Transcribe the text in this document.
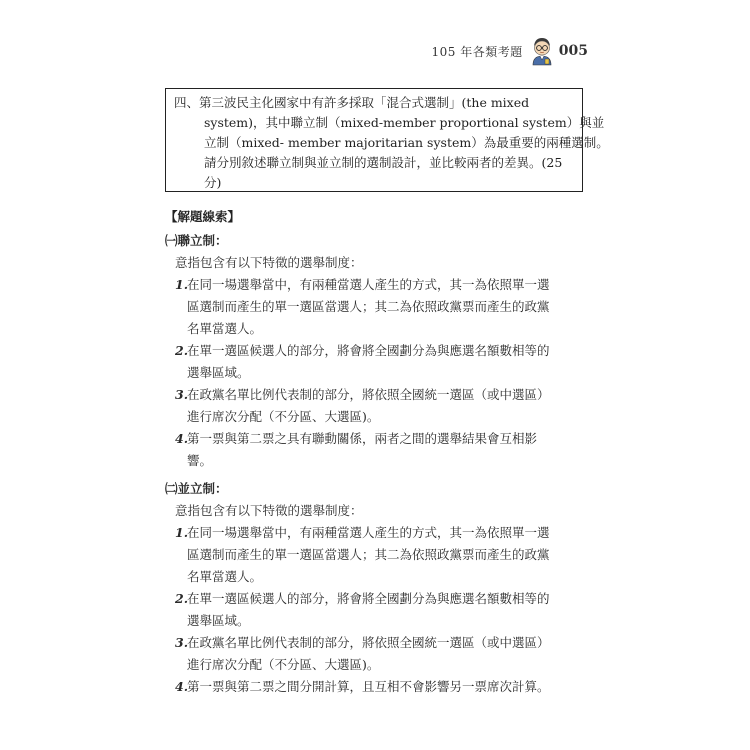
105 年各類考題	005
四、第三波民主化國家中有許多採取「混合式選制」(the mixed
system)，其中聯立制（mixed-member proportional system）與並
立制（mixed- member majoritarian system）為最重要的兩種選制。
請分別敘述聯立制與並立制的選制設計，並比較兩者的差異。(25
分)
【解題線索】
㈠聯立制：
意指包含有以下特徵的選舉制度：
1.
在同一場選舉當中，有兩種當選人產生的方式，其一為依照單一選
區選制而產生的單一選區當選人；其二為依照政黨票而產生的政黨
名單當選人。
2.
在單一選區候選人的部分，將會將全國劃分為與應選名額數相等的
選舉區域。
3.
在政黨名單比例代表制的部分，將依照全國統一選區（或中選區）
進行席次分配（不分區、大選區)。
4.
第一票與第二票之具有聯動關係，兩者之間的選舉結果會互相影
響。
㈡並立制：
意指包含有以下特徵的選舉制度：
1.
在同一場選舉當中，有兩種當選人產生的方式，其一為依照單一選
區選制而產生的單一選區當選人；其二為依照政黨票而產生的政黨
名單當選人。
2.
在單一選區候選人的部分，將會將全國劃分為與應選名額數相等的
選舉區域。
3.
在政黨名單比例代表制的部分，將依照全國統一選區（或中選區）
進行席次分配（不分區、大選區)。
4.
第一票與第二票之間分開計算，且互相不會影響另一票席次計算。
